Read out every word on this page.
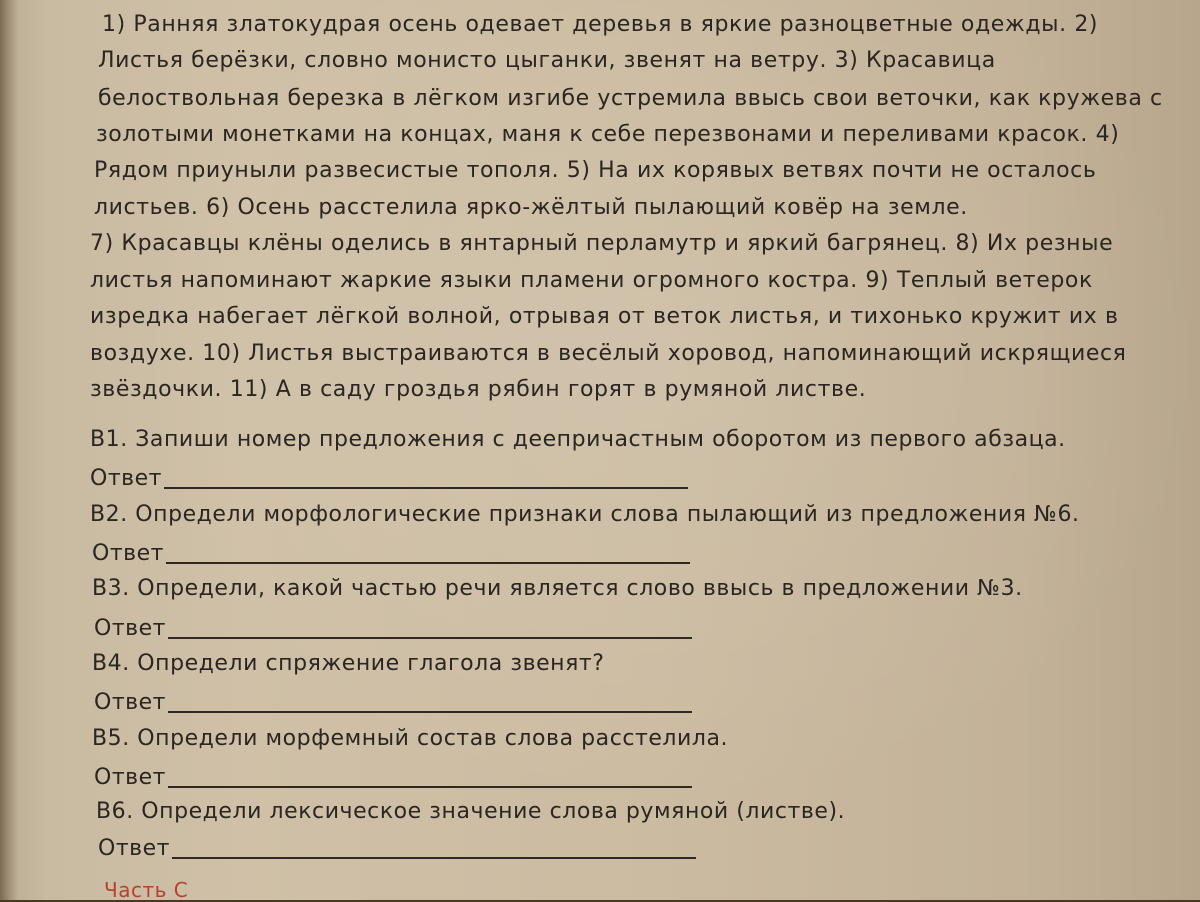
1) Ранняя златокудрая осень одевает деревья в яркие разноцветные одежды. 2)
Листья берёзки, словно монисто цыганки, звенят на ветру. 3) Красавица
белоствольная березка в лёгком изгибе устремила ввысь свои веточки, как кружева с
золотыми монетками на концах, маня к себе перезвонами и переливами красок. 4)
Рядом приуныли развесистые тополя. 5) На их корявых ветвях почти не осталось
листьев. 6) Осень расстелила ярко-жёлтый пылающий ковёр на земле.
7) Красавцы клёны оделись в янтарный перламутр и яркий багрянец. 8) Их резные
листья напоминают жаркие языки пламени огромного костра. 9) Теплый ветерок
изредка набегает лёгкой волной, отрывая от веток листья, и тихонько кружит их в
воздухе. 10) Листья выстраиваются в весёлый хоровод, напоминающий искрящиеся
звёздочки. 11) А в саду гроздья рябин горят в румяной листве.
В1. Запиши номер предложения с деепричастным оборотом из первого абзаца.
Ответ
В2. Определи морфологические признаки слова пылающий из предложения №6.
Ответ
В3. Определи, какой частью речи является слово ввысь в предложении №3.
Ответ
В4. Определи спряжение глагола звенят?
Ответ
В5. Определи морфемный состав слова расстелила.
Ответ
В6. Определи лексическое значение слова румяной (листве).
Ответ
Часть С
